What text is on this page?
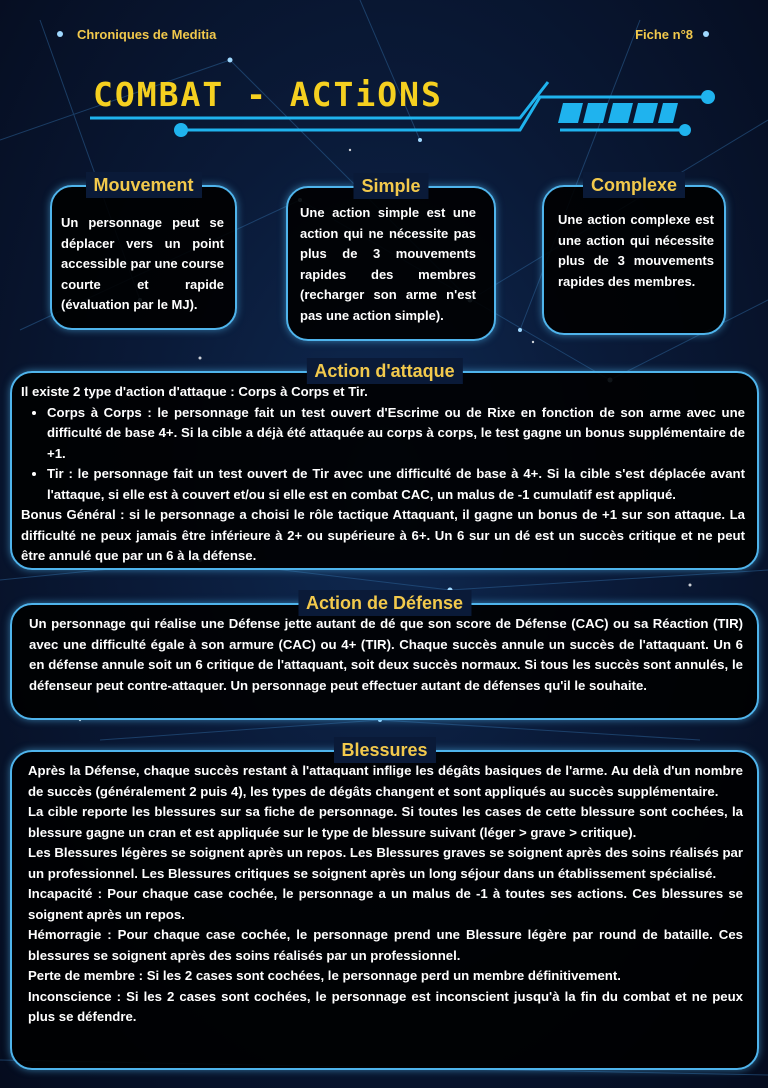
Chroniques de Meditia	Fiche n°8
COMBAT - ACTiONS
Mouvement
Un personnage peut se déplacer vers un point accessible par une course courte et rapide (évaluation par le MJ).
Simple
Une action simple est une action qui ne nécessite pas plus de 3 mouvements rapides des membres (recharger son arme n'est pas une action simple).
Complexe
Une action complexe est une action qui nécessite plus de 3 mouvements rapides des membres.
Action d'attaque

Il existe 2 type d'action d'attaque : Corps à Corps et Tir.

• Corps à Corps : le personnage fait un test ouvert d'Escrime ou de Rixe en fonction de son arme avec une difficulté de base 4+. Si la cible a déjà été attaquée au corps à corps, le test gagne un bonus supplémentaire de +1.
• Tir : le personnage fait un test ouvert de Tir avec une difficulté de base à 4+. Si la cible s'est déplacée avant l'attaque, si elle est à couvert et/ou si elle est en combat CAC, un malus de -1 cumulatif est appliqué.

Bonus Général : si le personnage a choisi le rôle tactique Attaquant, il gagne un bonus de +1 sur son attaque. La difficulté ne peux jamais être inférieure à 2+ ou supérieure à 6+. Un 6 sur un dé est un succès critique et ne peut être annulé que par un 6 à la défense.

Action de Défense
Un personnage qui réalise une Défense jette autant de dé que son score de Défense (CAC) ou sa Réaction (TIR) avec une difficulté égale à son armure (CAC) ou 4+ (TIR). Chaque succès annule un succès de l'attaquant. Un 6 en défense annule soit un 6 critique de l'attaquant, soit deux succès normaux. Si tous les succès sont annulés, le défenseur peut contre-attaquer. Un personnage peut effectuer autant de défenses qu'il le souhaite.
Blessures

Après la Défense, chaque succès restant à l'attaquant inflige les dégâts basiques de l'arme. Au delà d'un nombre de succès (généralement 2 puis 4), les types de dégâts changent et sont appliqués au succès supplémentaire.

La cible reporte les blessures sur sa fiche de personnage. Si toutes les cases de cette blessure sont cochées, la blessure gagne un cran et est appliquée sur le type de blessure suivant (léger > grave > critique).

Les Blessures légères se soignent après un repos. Les Blessures graves se soignent après des soins réalisés par un professionnel. Les Blessures critiques se soignent après un long séjour dans un établissement spécialisé.

Incapacité : Pour chaque case cochée, le personnage a un malus de -1 à toutes ses actions. Ces blessures se soignent après un repos.

Hémorragie : Pour chaque case cochée, le personnage prend une Blessure légère par round de bataille. Ces blessures se soignent après des soins réalisés par un professionnel.

Perte de membre : Si les 2 cases sont cochées, le personnage perd un membre définitivement.

Inconscience : Si les 2 cases sont cochées, le personnage est inconscient jusqu'à la fin du combat et ne peux plus se défendre.
